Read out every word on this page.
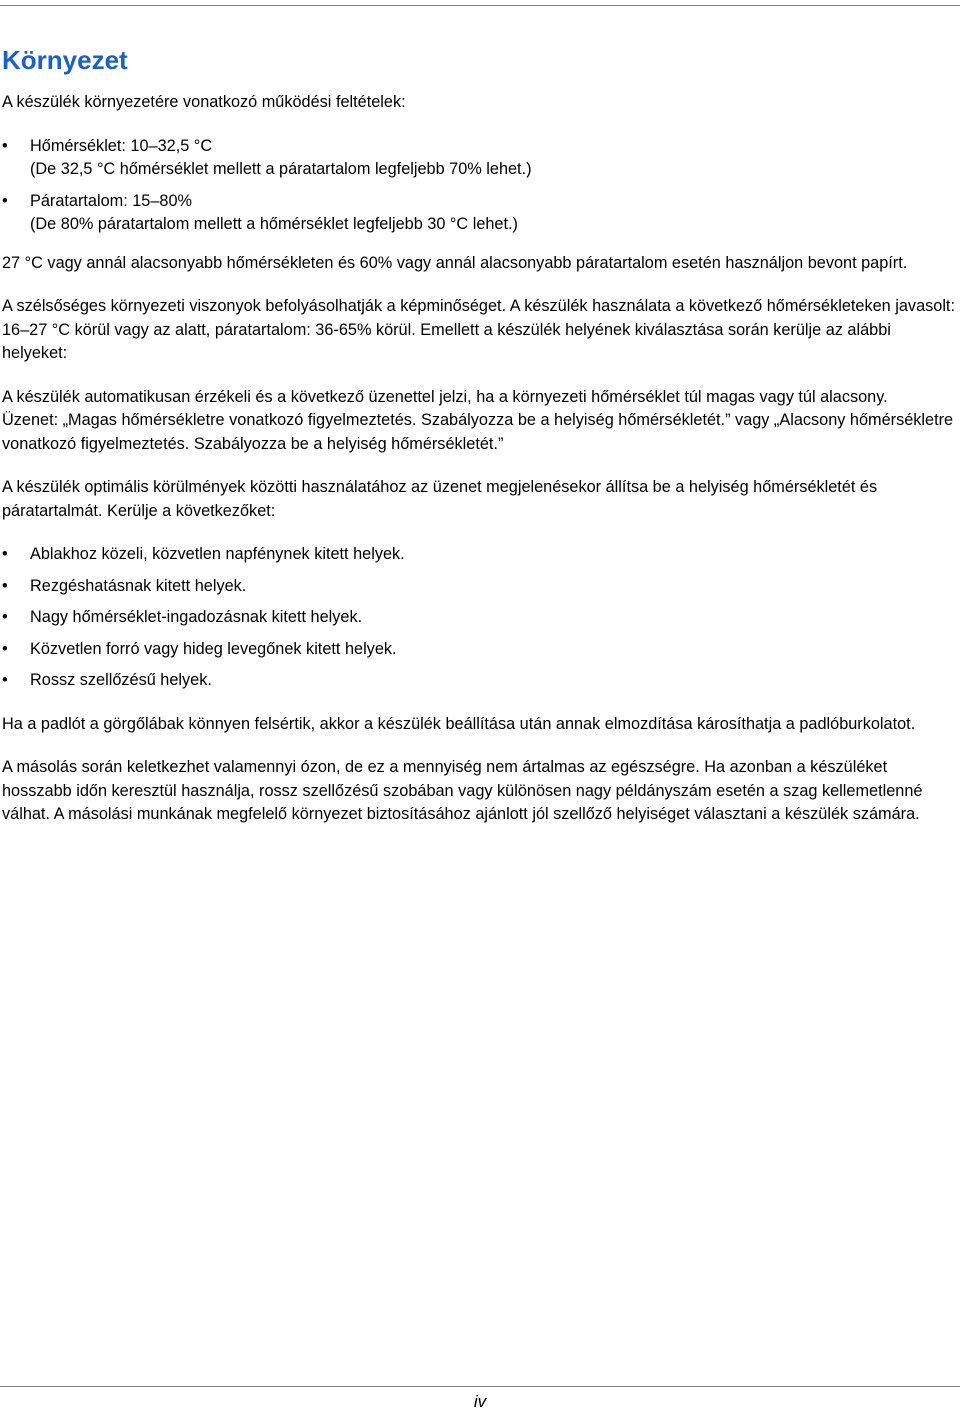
Környezet

A készülék környezetére vonatkozó működési feltételek:

• Hőmérséklet: 10–32,5 °C
(De 32,5 °C hőmérséklet mellett a páratartalom legfeljebb 70% lehet.)
• Páratartalom: 15–80%
(De 80% páratartalom mellett a hőmérséklet legfeljebb 30 °C lehet.)

27 °C vagy annál alacsonyabb hőmérsékleten és 60% vagy annál alacsonyabb páratartalom esetén használjon bevont papírt.

A szélsőséges környezeti viszonyok befolyásolhatják a képminőséget. A készülék használata a következő hőmérsékleteken javasolt: 16–27 °C körül vagy az alatt, páratartalom: 36-65% körül. Emellett a készülék helyének kiválasztása során kerülje az alábbi helyeket:

A készülék automatikusan érzékeli és a következő üzenettel jelzi, ha a környezeti hőmérséklet túl magas vagy túl alacsony.

Üzenet: „Magas hőmérsékletre vonatkozó figyelmeztetés. Szabályozza be a helyiség hőmérsékletét.” vagy „Alacsony hőmérsékletre vonatkozó figyelmeztetés. Szabályozza be a helyiség hőmérsékletét.”

A készülék optimális körülmények közötti használatához az üzenet megjelenésekor állítsa be a helyiség hőmérsékletét és páratartalmát. Kerülje a következőket:

• Ablakhoz közeli, közvetlen napfénynek kitett helyek.
• Rezgéshatásnak kitett helyek.
• Nagy hőmérséklet-ingadozásnak kitett helyek.
• Közvetlen forró vagy hideg levegőnek kitett helyek.
• Rossz szellőzésű helyek.

Ha a padlót a görgőlábak könnyen felsértik, akkor a készülék beállítása után annak elmozdítása károsíthatja a padlóburkolatot.

A másolás során keletkezhet valamennyi ózon, de ez a mennyiség nem ártalmas az egészségre. Ha azonban a készüléket hosszabb időn keresztül használja, rossz szellőzésű szobában vagy különösen nagy példányszám esetén a szag kellemetlenné válhat. A másolási munkának megfelelő környezet biztosításához ajánlott jól szellőző helyiséget választani a készülék számára.

iv
